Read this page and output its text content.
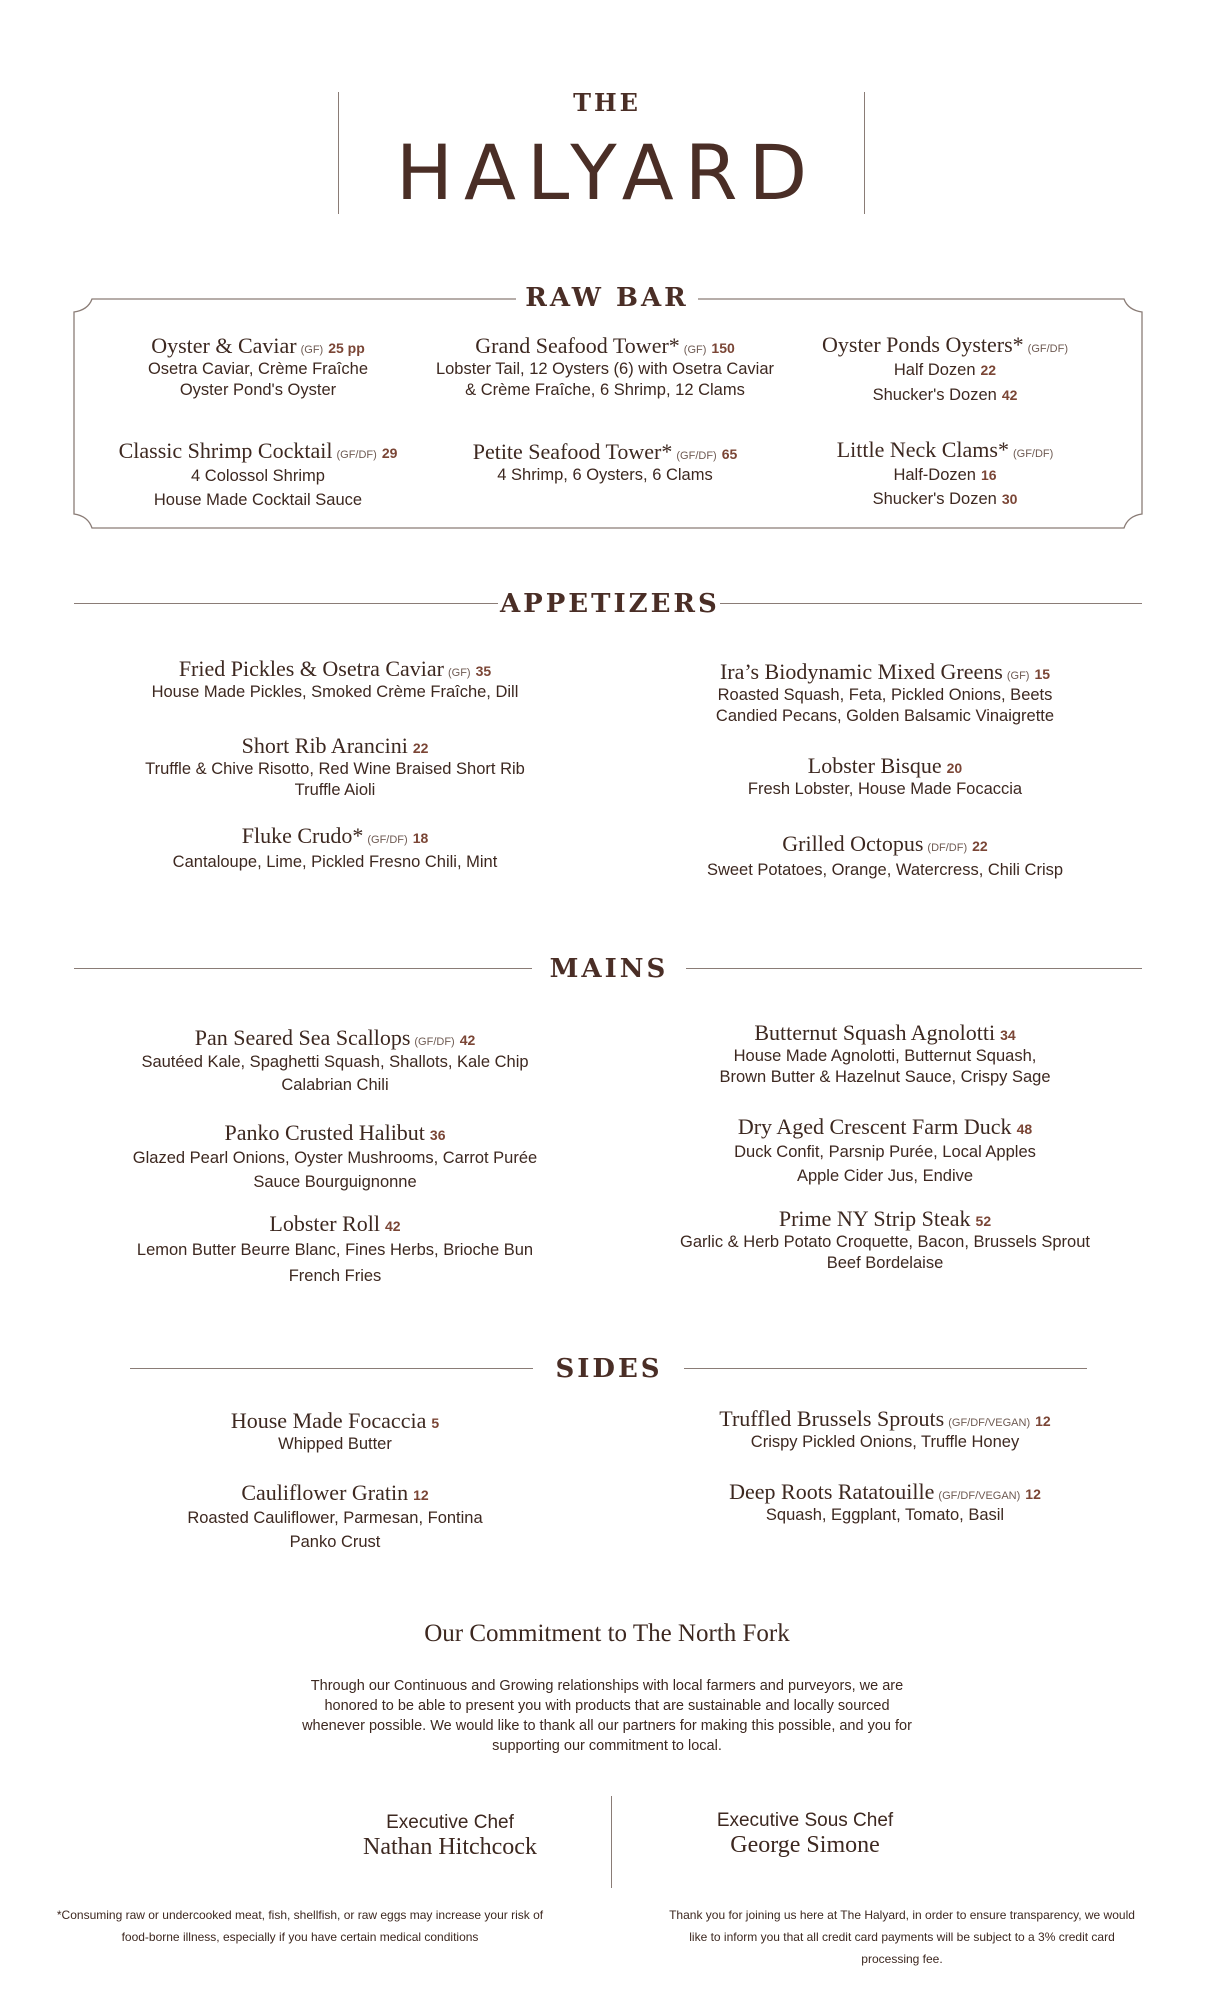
THE
HALYARD
RAW BAR
Oyster & Caviar (GF) 25 pp
Osetra Caviar, Crème Fraîche
Oyster Pond's Oyster
Grand Seafood Tower* (GF) 150
Lobster Tail, 12 Oysters (6) with Osetra Caviar
& Crème Fraîche, 6 Shrimp, 12 Clams
Oyster Ponds Oysters* (GF/DF)
Half Dozen 22
Shucker's Dozen 42
Classic Shrimp Cocktail (GF/DF) 29
4 Colossol Shrimp
House Made Cocktail Sauce
Petite Seafood Tower* (GF/DF) 65
4 Shrimp, 6 Oysters, 6 Clams
Little Neck Clams* (GF/DF)
Half-Dozen 16
Shucker's Dozen 30
APPETIZERS
Fried Pickles & Osetra Caviar (GF) 35
House Made Pickles, Smoked Crème Fraîche, Dill
Short Rib Arancini 22
Truffle & Chive Risotto, Red Wine Braised Short Rib
Truffle Aioli
Fluke Crudo* (GF/DF) 18
Cantaloupe, Lime, Pickled Fresno Chili, Mint
Ira’s Biodynamic Mixed Greens (GF) 15
Roasted Squash, Feta, Pickled Onions, Beets
Candied Pecans, Golden Balsamic Vinaigrette
Lobster Bisque 20
Fresh Lobster, House Made Focaccia
Grilled Octopus (DF/DF) 22
Sweet Potatoes, Orange, Watercress, Chili Crisp
MAINS
Pan Seared Sea Scallops (GF/DF) 42
Sautéed Kale, Spaghetti Squash, Shallots, Kale Chip
Calabrian Chili
Panko Crusted Halibut 36
Glazed Pearl Onions, Oyster Mushrooms, Carrot Purée
Sauce Bourguignonne
Lobster Roll 42
Lemon Butter Beurre Blanc, Fines Herbs, Brioche Bun
French Fries
Butternut Squash Agnolotti 34
House Made Agnolotti, Butternut Squash,
Brown Butter & Hazelnut Sauce, Crispy Sage
Dry Aged Crescent Farm Duck 48
Duck Confit, Parsnip Purée, Local Apples
Apple Cider Jus, Endive
Prime NY Strip Steak 52
Garlic & Herb Potato Croquette, Bacon, Brussels Sprout
Beef Bordelaise
SIDES
House Made Focaccia 5
Whipped Butter
Cauliflower Gratin 12
Roasted Cauliflower, Parmesan, Fontina
Panko Crust
Truffled Brussels Sprouts (GF/DF/VEGAN) 12
Crispy Pickled Onions, Truffle Honey
Deep Roots Ratatouille (GF/DF/VEGAN) 12
Squash, Eggplant, Tomato, Basil
Our Commitment to The North Fork
Through our Continuous and Growing relationships with local farmers and purveyors, we are
honored to be able to present you with products that are sustainable and locally sourced
whenever possible. We would like to thank all our partners for making this possible, and you for
supporting our commitment to local.
Executive Chef
Nathan Hitchcock
Executive Sous Chef
George Simone
*Consuming raw or undercooked meat, fish, shellfish, or raw eggs may increase your risk of
food-borne illness, especially if you have certain medical conditions
Thank you for joining us here at The Halyard, in order to ensure transparency, we would
like to inform you that all credit card payments will be subject to a 3% credit card
processing fee.
